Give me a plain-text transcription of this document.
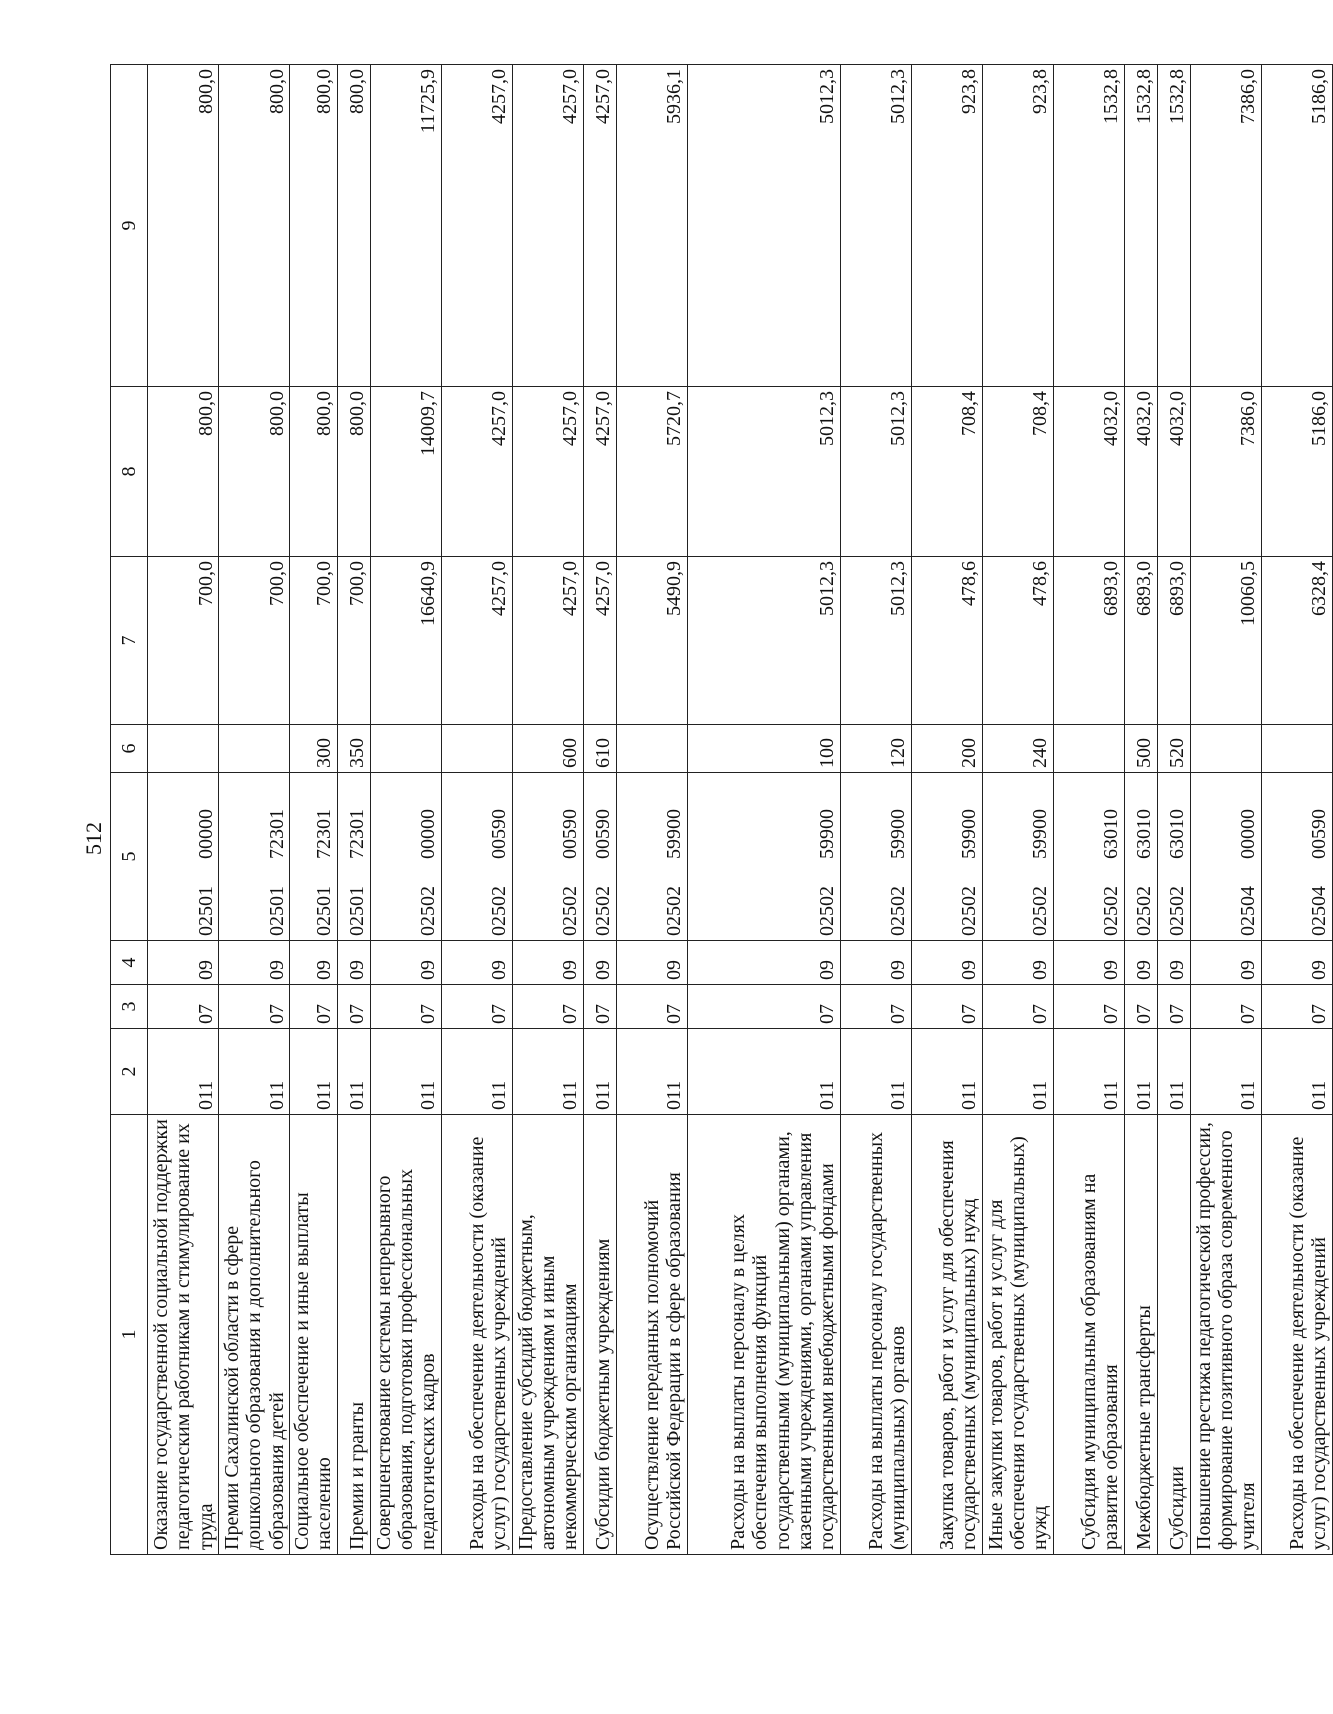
512
1	2	3	4	5	6	7	8	9
Оказание государственной социальной поддержки педагогическим работникам и стимулирование их труда	011	07	09	02501 00000		700,0	800,0	800,0
Премии Сахалинской области в сфере дошкольного образования и дополнительного образования детей	011	07	09	02501 72301		700,0	800,0	800,0
Социальное обеспечение и иные выплаты населению	011	07	09	02501 72301	300	700,0	800,0	800,0
Премии и гранты	011	07	09	02501 72301	350	700,0	800,0	800,0
Совершенствование системы непрерывного образования, подготовки профессиональных педагогических кадров	011	07	09	02502 00000		16640,9	14009,7	11725,9
Расходы на обеспечение деятельности (оказание услуг) государственных учреждений	011	07	09	02502 00590		4257,0	4257,0	4257,0
Предоставление субсидий бюджетным, автономным учреждениям и иным некоммерческим организациям	011	07	09	02502 00590	600	4257,0	4257,0	4257,0
Субсидии бюджетным учреждениям	011	07	09	02502 00590	610	4257,0	4257,0	4257,0
Осуществление переданных полномочий Российской Федерации в сфере образования	011	07	09	02502 59900		5490,9	5720,7	5936,1
Расходы на выплаты персоналу в целях обеспечения выполнения функций государственными (муниципальными) органами, казенными учреждениями, органами управления государственными внебюджетными фондами	011	07	09	02502 59900	100	5012,3	5012,3	5012,3
Расходы на выплаты персоналу государственных (муниципальных) органов	011	07	09	02502 59900	120	5012,3	5012,3	5012,3
Закупка товаров, работ и услуг для обеспечения государственных (муниципальных) нужд	011	07	09	02502 59900	200	478,6	708,4	923,8
Иные закупки товаров, работ и услуг для обеспечения государственных (муниципальных) нужд	011	07	09	02502 59900	240	478,6	708,4	923,8
Субсидия муниципальным образованиям на развитие образования	011	07	09	02502 63010		6893,0	4032,0	1532,8
Межбюджетные трансферты	011	07	09	02502 63010	500	6893,0	4032,0	1532,8
Субсидии	011	07	09	02502 63010	520	6893,0	4032,0	1532,8
Повышение престижа педагогической профессии, формирование позитивного образа современного учителя	011	07	09	02504 00000		10060,5	7386,0	7386,0
Расходы на обеспечение деятельности (оказание услуг) государственных учреждений	011	07	09	02504 00590		6328,4	5186,0	5186,0
